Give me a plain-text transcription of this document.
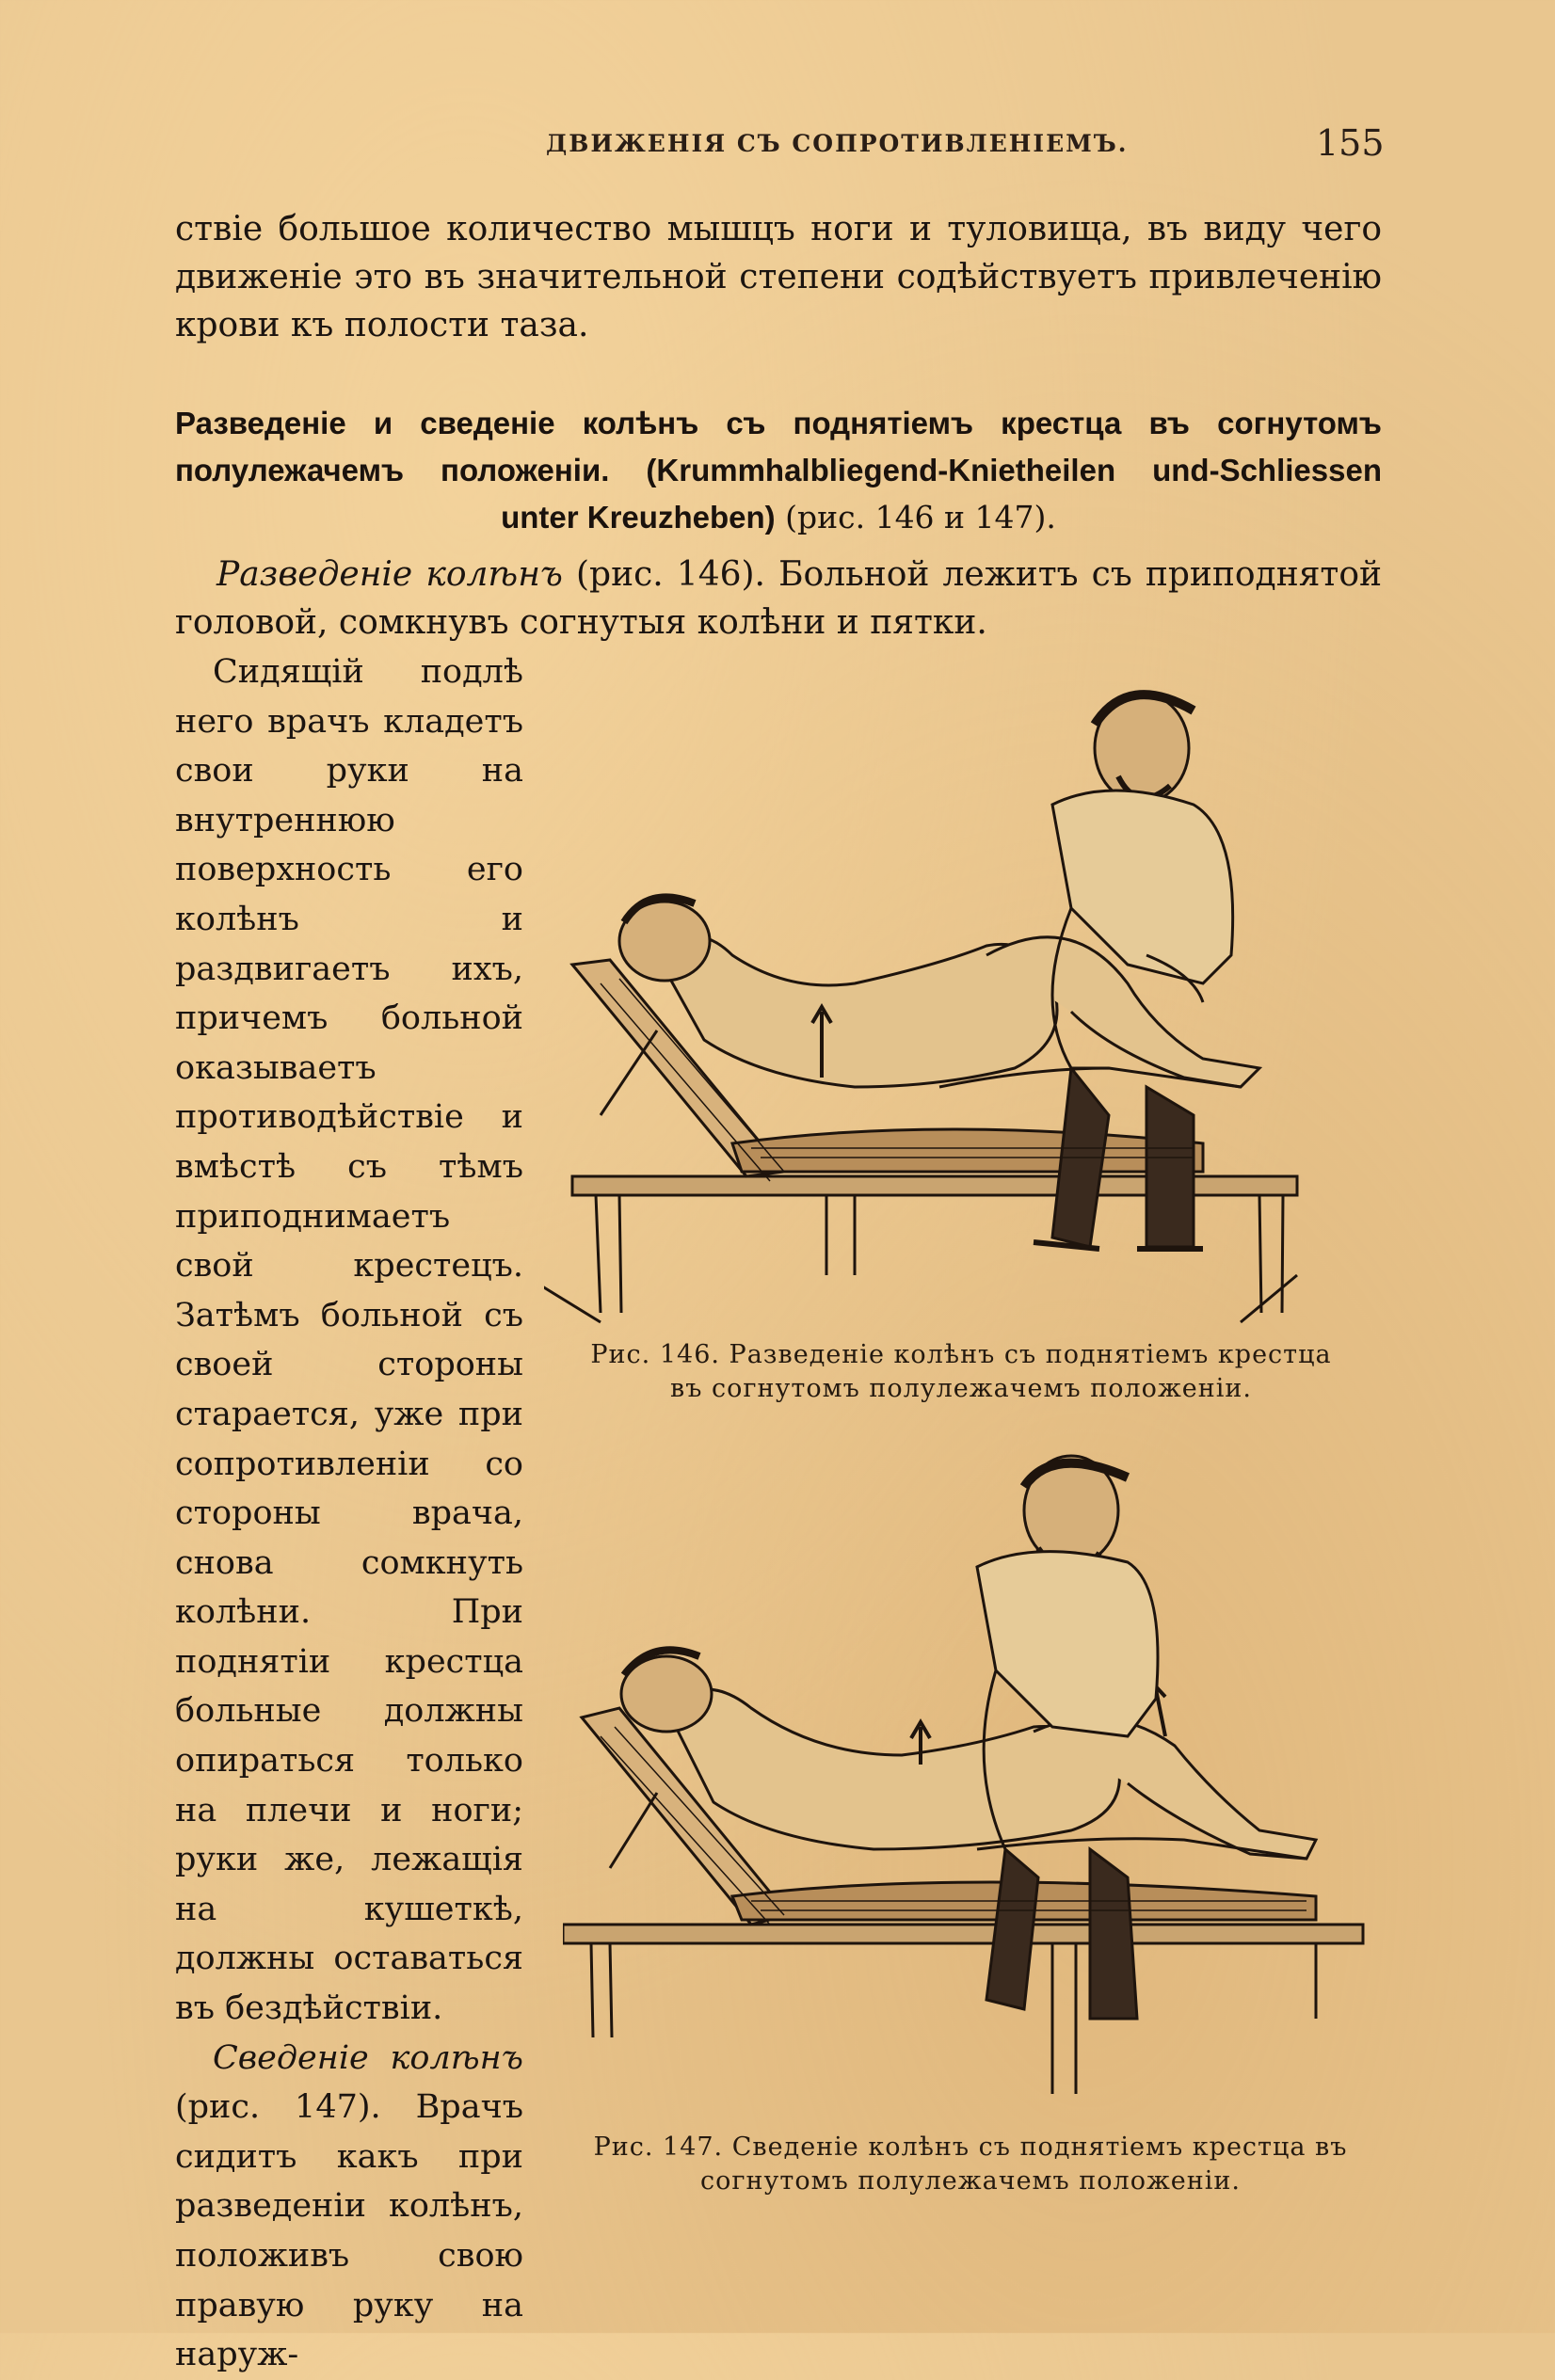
ДВИЖЕНІЯ СЪ СОПРОТИВЛЕНІЕМЪ.	155

ствіе большое количество мышцъ ноги и туловища, въ виду чего движеніе это въ значительной степени содѣйствуетъ привлеченію крови къ полости таза.

Разведеніе и сведеніе колѣнъ съ поднятіемъ крестца въ согнутомъ
полулежачемъ положеніи. (Krummhalbliegend-Knietheilen und-Schliessen
unter Kreuzheben) (рис. 146 и 147).

Разведеніе колѣнъ (рис. 146). Больной лежитъ съ приподнятой головой, сомкнувъ согнутыя колѣни и пятки.

Сидящій подлѣ него врачъ кладетъ свои руки на внутреннюю поверхность его колѣнъ и раздвигаетъ ихъ, причемъ больной оказываетъ противодѣйствіе и вмѣстѣ съ тѣмъ приподнимаетъ свой крестецъ. Затѣмъ больной съ своей стороны старается, уже при сопротивленіи со стороны врача, снова сомкнуть колѣни. При поднятіи крестца больные должны опираться только на плечи и ноги; руки же, лежащія на кушеткѣ, должны оставаться въ бездѣйствіи.

Сведеніе колѣнъ (рис. 147). Врачъ сидитъ какъ при разведеніи колѣнъ, положивъ свою правую руку на наруж-

Рис. 146. Разведеніе колѣнъ съ поднятіемъ крестца
въ согнутомъ полулежачемъ положеніи.
Рис. 147. Сведеніе колѣнъ съ поднятіемъ крестца въ
согнутомъ полулежачемъ положеніи.
